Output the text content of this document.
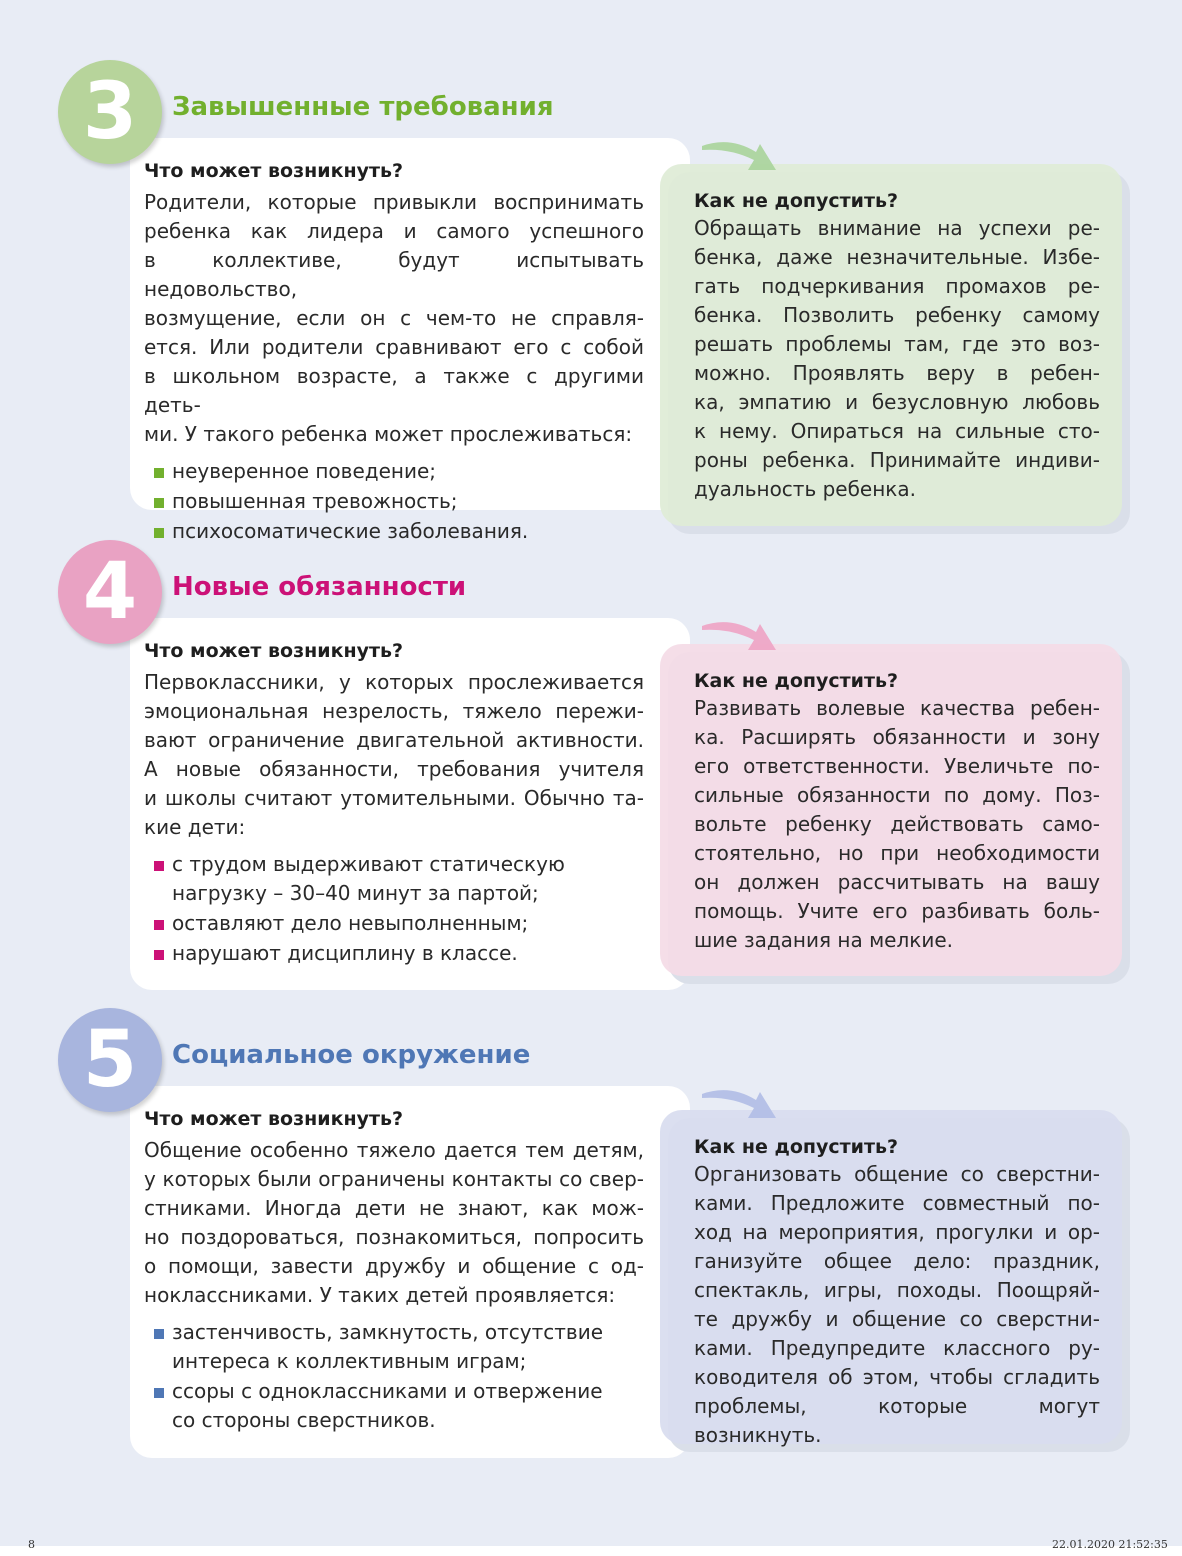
3	Завышенные требования
Что может возникнуть?

Родители, которые привыкли воспринимать

ребенка как лидера и самого успешного

в коллективе, будут испытывать недовольство,

возмущение, если он с чем-то не справля-

ется. Или родители сравнивают его с собой

в школьном возрасте, а также с другими деть-

ми. У такого ребенка может прослеживаться:

неуверенное поведение;
повышенная тревожность;
психосоматические заболевания.
Как не допустить?

Обращать внимание на успехи ре-

бенка, даже незначительные. Избе-

гать подчеркивания промахов ре-

бенка. Позволить ребенку самому

решать проблемы там, где это воз-

можно. Проявлять веру в ребен-

ка, эмпатию и безусловную любовь

к нему. Опираться на сильные сто-

роны ребенка. Принимайте индиви-

дуальность ребенка.

4	Новые обязанности
Что может возникнуть?

Первоклассники, у которых прослеживается

эмоциональная незрелость, тяжело пережи-

вают ограничение двигательной активности.

А новые обязанности, требования учителя

и школы считают утомительными. Обычно та-

кие дети:

с трудом выдерживают статическую нагрузку – 30–40 минут за партой;
оставляют дело невыполненным;
нарушают дисциплину в классе.
Как не допустить?

Развивать волевые качества ребен-

ка. Расширять обязанности и зону

его ответственности. Увеличьте по-

сильные обязанности по дому. Поз-

вольте ребенку действовать само-

стоятельно, но при необходимости

он должен рассчитывать на вашу

помощь. Учите его разбивать боль-

шие задания на мелкие.

5	Социальное окружение
Что может возникнуть?

Общение особенно тяжело дается тем детям,

у которых были ограничены контакты со свер-

стниками. Иногда дети не знают, как мож-

но поздороваться, познакомиться, попросить

о помощи, завести дружбу и общение с од-

ноклассниками. У таких детей проявляется:

застенчивость, замкнутость, отсутствие интереса к коллективным играм;
ссоры с одноклассниками и отвержение со стороны сверстников.
Как не допустить?

Организовать общение со сверстни-

ками. Предложите совместный по-

ход на мероприятия, прогулки и ор-

ганизуйте общее дело: праздник,

спектакль, игры, походы. Поощряй-

те дружбу и общение со сверстни-

ками. Предупредите классного ру-

ководителя об этом, чтобы сгладить

проблемы, которые могут возникнуть.

8	22.01.2020 21:52:35
